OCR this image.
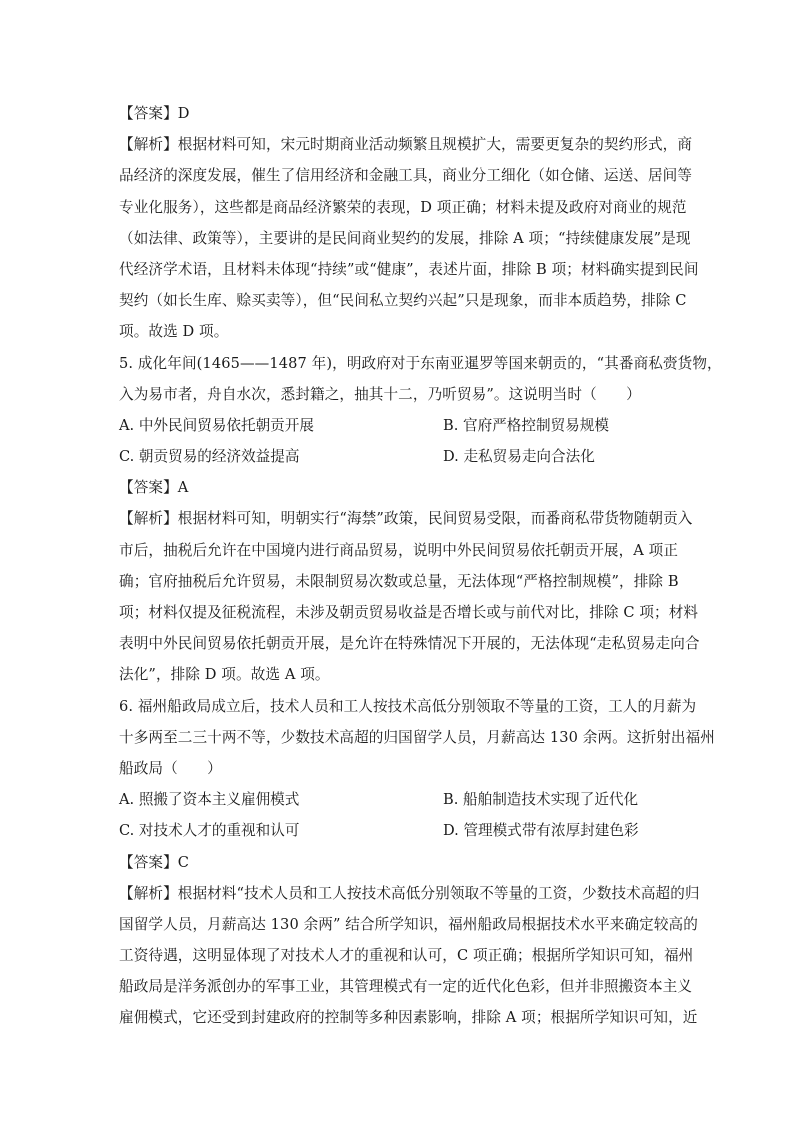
【答案】D
【解析】根据材料可知，宋元时期商业活动频繁且规模扩大，需要更复杂的契约形式，商
品经济的深度发展，催生了信用经济和金融工具，商业分工细化（如仓储、运送、居间等
专业化服务），这些都是商品经济繁荣的表现，D 项正确；材料未提及政府对商业的规范
（如法律、政策等），主要讲的是民间商业契约的发展，排除 A 项；“持续健康发展”是现
代经济学术语，且材料未体现“持续”或“健康”，表述片面，排除 B 项；材料确实提到民间
契约（如长生库、赊买卖等），但“民间私立契约兴起”只是现象，而非本质趋势，排除 C
项。故选 D 项。
5. 成化年间(1465——1487 年)，明政府对于东南亚暹罗等国来朝贡的，“其番商私赍货物，
入为易市者，舟自水次，悉封籍之，抽其十二，乃听贸易”。这说明当时（　　）
A. 中外民间贸易依托朝贡开展	B. 官府严格控制贸易规模
C. 朝贡贸易的经济效益提高	D. 走私贸易走向合法化
【答案】A
【解析】根据材料可知，明朝实行“海禁”政策，民间贸易受限，而番商私带货物随朝贡入
市后，抽税后允许在中国境内进行商品贸易，说明中外民间贸易依托朝贡开展，A 项正
确；官府抽税后允许贸易，未限制贸易次数或总量，无法体现“严格控制规模”，排除 B
项；材料仅提及征税流程，未涉及朝贡贸易收益是否增长或与前代对比，排除 C 项；材料
表明中外民间贸易依托朝贡开展，是允许在特殊情况下开展的，无法体现“走私贸易走向合
法化”，排除 D 项。故选 A 项。
6. 福州船政局成立后，技术人员和工人按技术高低分别领取不等量的工资，工人的月薪为
十多两至二三十两不等，少数技术高超的归国留学人员，月薪高达 130 余两。这折射出福州
船政局（　　）
A. 照搬了资本主义雇佣模式	B. 船舶制造技术实现了近代化
C. 对技术人才的重视和认可	D. 管理模式带有浓厚封建色彩
【答案】C
【解析】根据材料“技术人员和工人按技术高低分别领取不等量的工资，少数技术高超的归
国留学人员，月薪高达 130 余两” 结合所学知识，福州船政局根据技术水平来确定较高的
工资待遇，这明显体现了对技术人才的重视和认可，C 项正确；根据所学知识可知，福州
船政局是洋务派创办的军事工业，其管理模式有一定的近代化色彩，但并非照搬资本主义
雇佣模式，它还受到封建政府的控制等多种因素影响，排除 A 项；根据所学知识可知，近
